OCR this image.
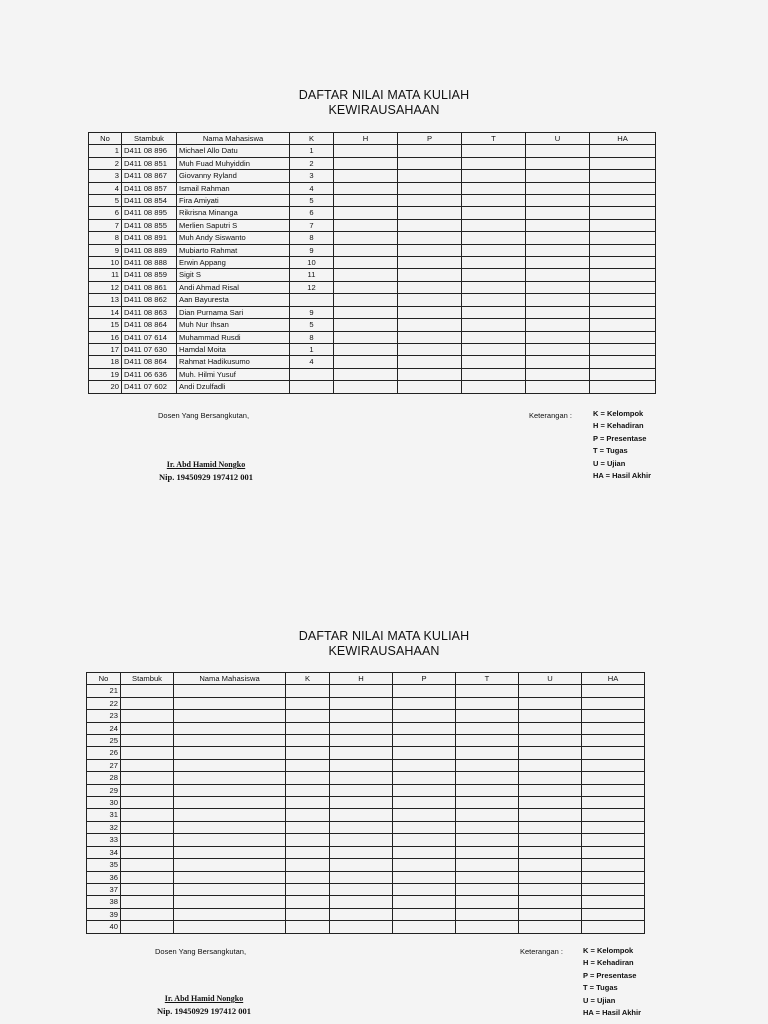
DAFTAR NILAI MATA KULIAH
KEWIRAUSAHAAN
No	Stambuk	Nama Mahasiswa	K	H	P	T	U	HA
1	D411 08 896	Michael Allo Datu	1					
2	D411 08 851	Muh Fuad Muhyiddin	2					
3	D411 08 867	Giovanny Ryland	3					
4	D411 08 857	Ismail Rahman	4					
5	D411 08 854	Fira Amiyati	5					
6	D411 08 895	Rikrisna Minanga	6					
7	D411 08 855	Merlien Saputri S	7					
8	D411 08 891	Muh Andy Siswanto	8					
9	D411 08 889	Mubiarto Rahmat	9					
10	D411 08 888	Erwin Appang	10					
11	D411 08 859	Sigit S	11					
12	D411 08 861	Andi Ahmad Risal	12					
13	D411 08 862	Aan Bayuresta						
14	D411 08 863	Dian Purnama Sari	9					
15	D411 08 864	Muh Nur Ihsan	5					
16	D411 07 614	Muhammad Rusdi	8					
17	D411 07 630	Hamdal Moita	1					
18	D411 08 864	Rahmat Hadikusumo	4					
19	D411 06 636	Muh. Hilmi Yusuf						
20	D411 07 602	Andi Dzulfadli						
Dosen Yang Bersangkutan,
Ir. Abd Hamid Nongko
Nip. 19450929 197412 001
Keterangan :	K = Kelompok
H = Kehadiran
P = Presentase
T = Tugas
U = Ujian
HA = Hasil Akhir
DAFTAR NILAI MATA KULIAH
KEWIRAUSAHAAN
No	Stambuk	Nama Mahasiswa	K	H	P	T	U	HA
21								
22								
23								
24								
25								
26								
27								
28								
29								
30								
31								
32								
33								
34								
35								
36								
37								
38								
39								
40								
Dosen Yang Bersangkutan,
Ir. Abd Hamid Nongko
Nip. 19450929 197412 001
Keterangan :	K = Kelompok
H = Kehadiran
P = Presentase
T = Tugas
U = Ujian
HA = Hasil Akhir
